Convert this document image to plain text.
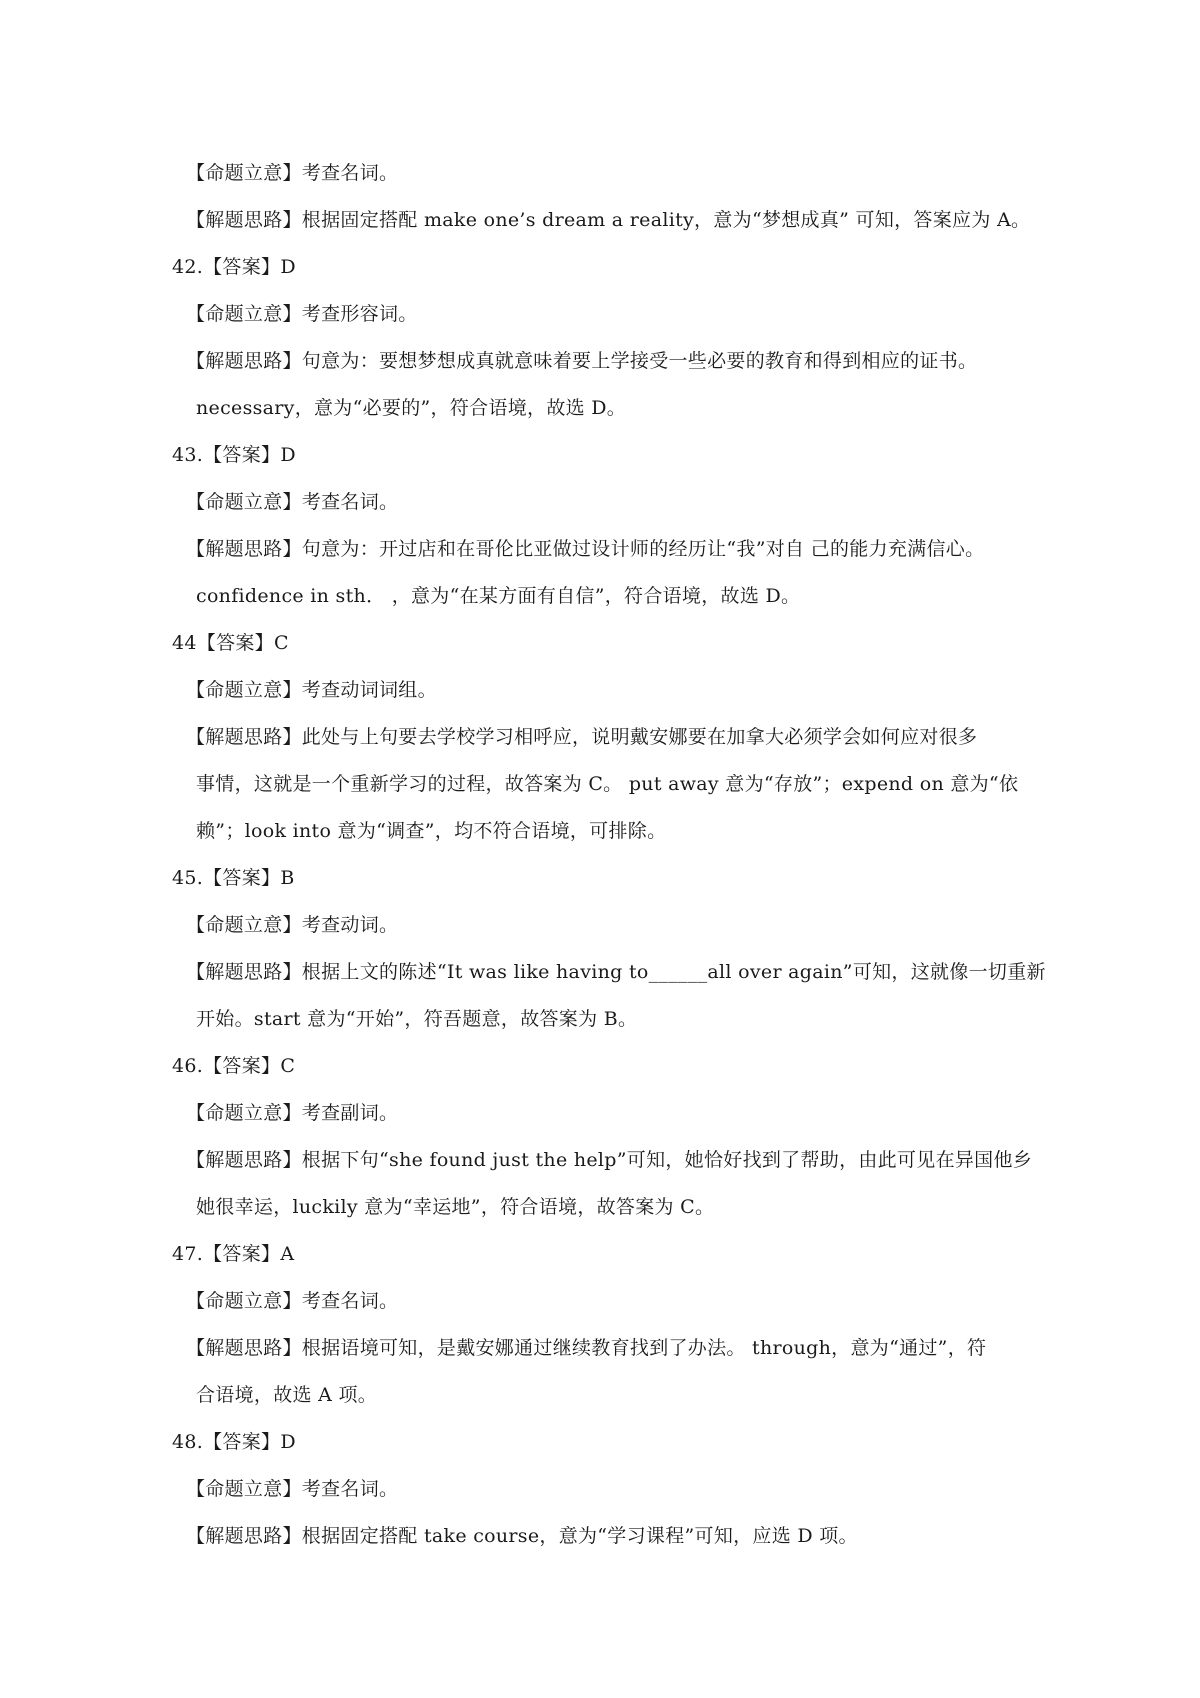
【命题立意】考查名词。
【解题思路】根据固定搭配 make one’s dream a reality，意为“梦想成真” 可知，答案应为 A。
42.【答案】D
【命题立意】考查形容词。
【解题思路】句意为：要想梦想成真就意味着要上学接受一些必要的教育和得到相应的证书。
necessary，意为“必要的”，符合语境，故选 D。
43.【答案】D
【命题立意】考查名词。
【解题思路】句意为：开过店和在哥伦比亚做过设计师的经历让“我”对自 己的能力充满信心。
confidence in sth． ，意为“在某方面有自信”，符合语境，故选 D。
44【答案】C
【命题立意】考查动词词组。
【解题思路】此处与上句要去学校学习相呼应，说明戴安娜要在加拿大必须学会如何应对很多
事情，这就是一个重新学习的过程，故答案为 C。 put away 意为“存放”；expend on 意为“依
赖”；look into 意为“调查”，均不符合语境，可排除。
45.【答案】B
【命题立意】考查动词。
【解题思路】根据上文的陈述“It was like having to______all over again”可知，这就像一切重新
开始。start 意为“开始”，符吾题意，故答案为 B。
46.【答案】C
【命题立意】考查副词。
【解题思路】根据下句“she found just the help”可知，她恰好找到了帮助，由此可见在异国他乡
她很幸运，luckily 意为“幸运地”，符合语境，故答案为 C。
47.【答案】A
【命题立意】考查名词。
【解题思路】根据语境可知，是戴安娜通过继续教育找到了办法。 through，意为“通过”，符
合语境，故选 A 项。
48.【答案】D
【命题立意】考查名词。
【解题思路】根据固定搭配 take course，意为“学习课程”可知，应选 D 项。
